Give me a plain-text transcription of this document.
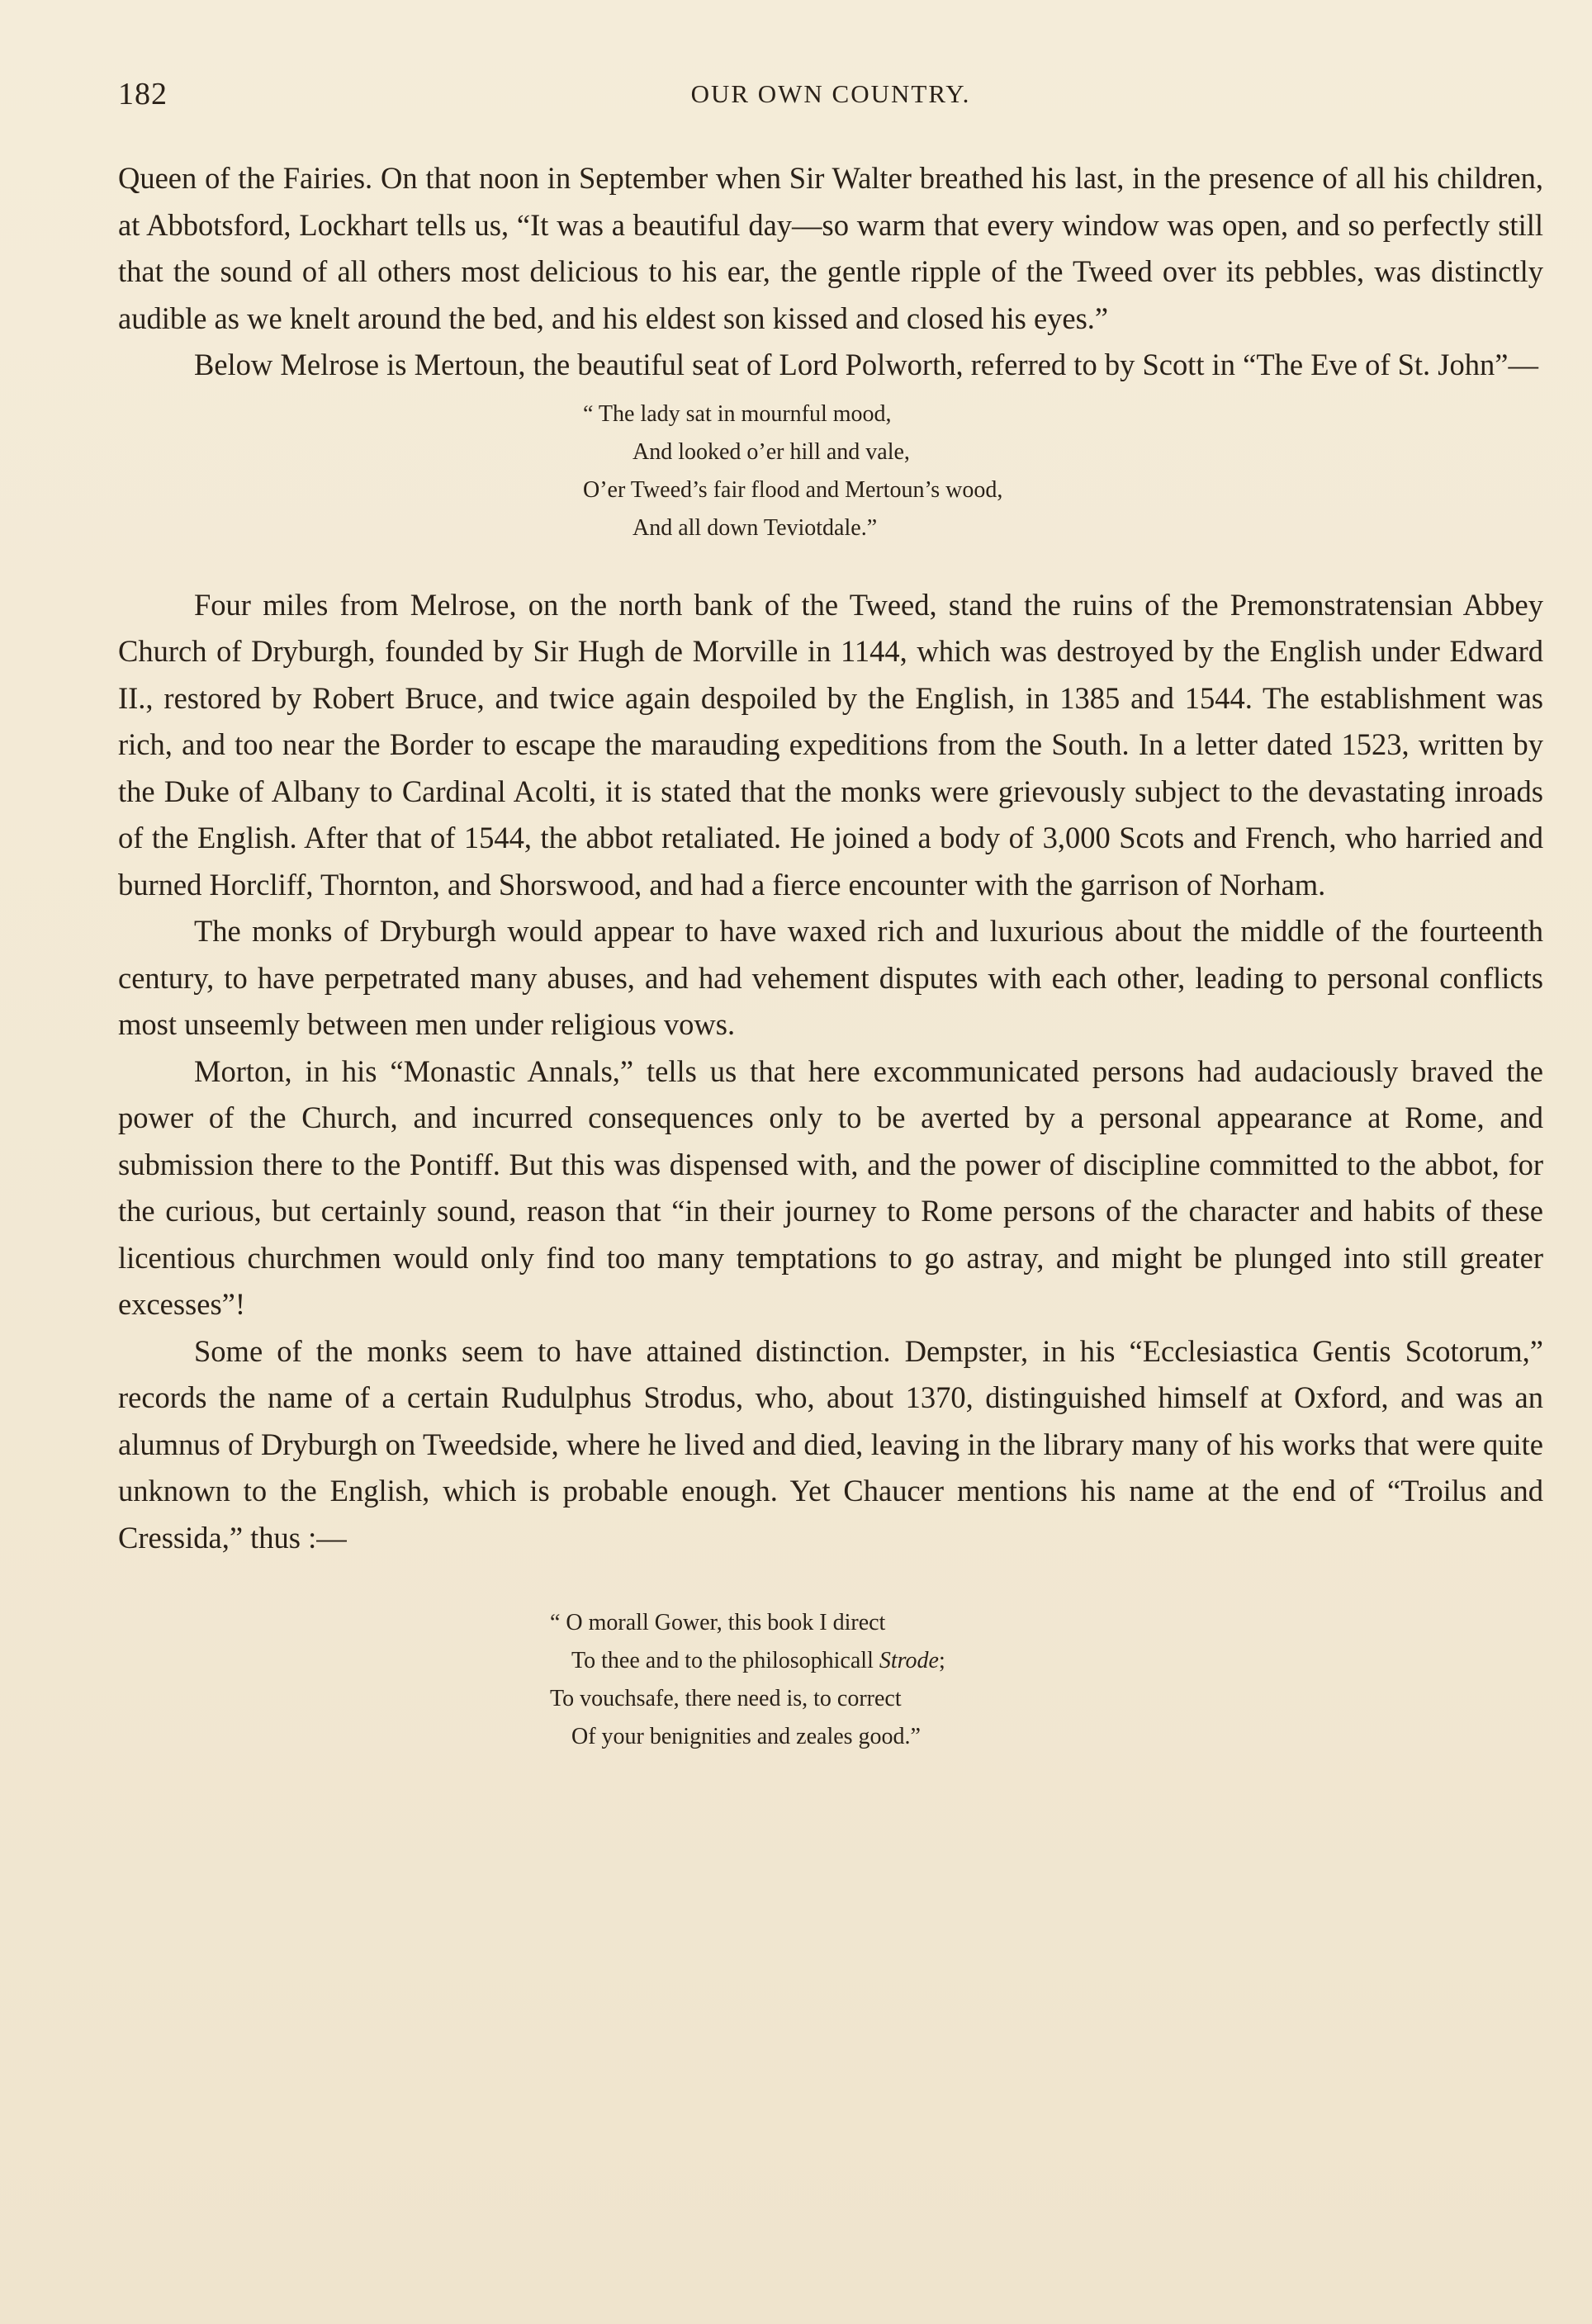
182	OUR OWN COUNTRY.

Queen of the Fairies. On that noon in September when Sir Walter breathed his last, in the presence of all his children, at Abbotsford, Lockhart tells us, “It was a beautiful day—so warm that every window was open, and so perfectly still that the sound of all others most delicious to his ear, the gentle ripple of the Tweed over its pebbles, was distinctly audible as we knelt around the bed, and his eldest son kissed and closed his eyes.”

Below Melrose is Mertoun, the beautiful seat of Lord Polworth, referred to by Scott in “The Eve of St. John”—

“ The lady sat in mournful mood,
And looked o’er hill and vale,
O’er Tweed’s fair flood and Mertoun’s wood,
And all down Teviotdale.”

Four miles from Melrose, on the north bank of the Tweed, stand the ruins of the Premonstratensian Abbey Church of Dryburgh, founded by Sir Hugh de Morville in 1144, which was destroyed by the English under Edward II., restored by Robert Bruce, and twice again despoiled by the English, in 1385 and 1544. The establishment was rich, and too near the Border to escape the marauding expeditions from the South. In a letter dated 1523, written by the Duke of Albany to Cardinal Acolti, it is stated that the monks were grievously subject to the devastating inroads of the English. After that of 1544, the abbot retaliated. He joined a body of 3,000 Scots and French, who harried and burned Horcliff, Thornton, and Shorswood, and had a fierce encounter with the garrison of Norham.

The monks of Dryburgh would appear to have waxed rich and luxurious about the middle of the fourteenth century, to have perpetrated many abuses, and had vehement disputes with each other, leading to personal conflicts most unseemly between men under religious vows.

Morton, in his “Monastic Annals,” tells us that here excommunicated persons had audaciously braved the power of the Church, and incurred consequences only to be averted by a personal appearance at Rome, and submission there to the Pontiff. But this was dispensed with, and the power of discipline committed to the abbot, for the curious, but certainly sound, reason that “in their journey to Rome persons of the character and habits of these licentious churchmen would only find too many temptations to go astray, and might be plunged into still greater excesses”!

Some of the monks seem to have attained distinction. Dempster, in his “Ecclesiastica Gentis Scotorum,” records the name of a certain Rudulphus Strodus, who, about 1370, distinguished himself at Oxford, and was an alumnus of Dryburgh on Tweedside, where he lived and died, leaving in the library many of his works that were quite unknown to the English, which is probable enough. Yet Chaucer mentions his name at the end of “Troilus and Cressida,” thus :—

“ O morall Gower, this book I direct
To thee and to the philosophicall Strode;
To vouchsafe, there need is, to correct
Of your benignities and zeales good.”
